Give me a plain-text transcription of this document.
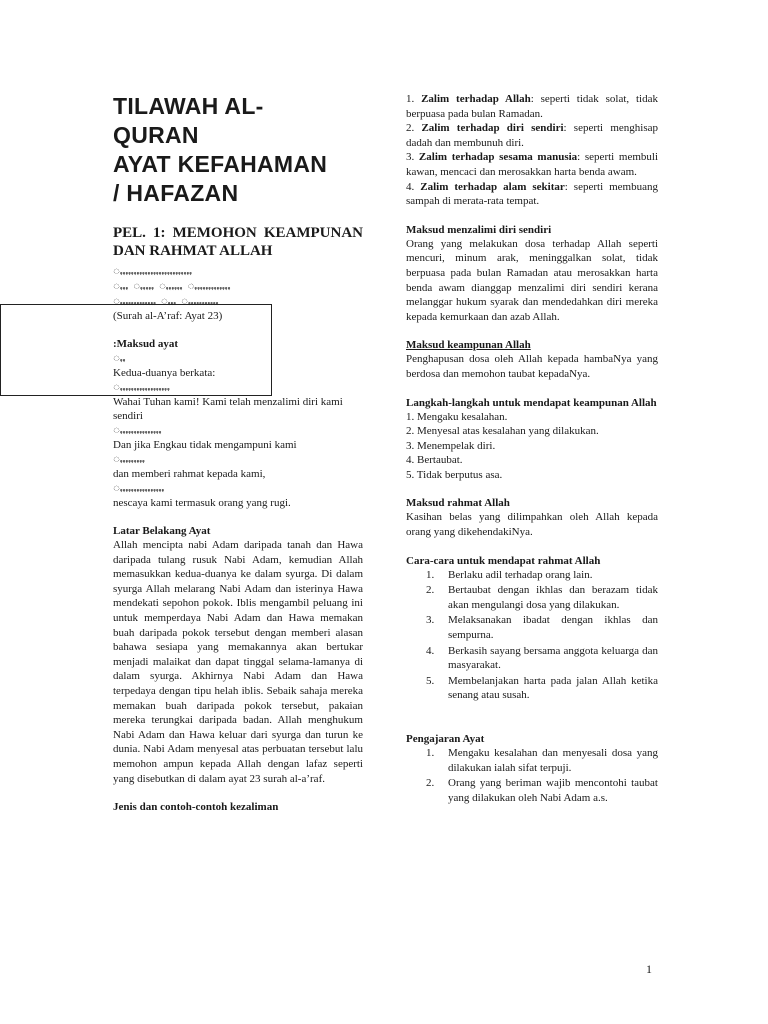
TILAWAH AL-
QURAN
AYAT KEFAHAMAN
/ HAFAZAN
PEL. 1: MEMOHON KEAMPUNAN DAN RAHMAT ALLAH
ꩻꩻꩻꩻꩻꩻꩻꩻꩻꩻꩻꩻꩻꩻꩻꩻꩻꩻꩻꩻꩻꩻꩻꩻꩻꩻ
ꩻꩻꩻ ꩻꩻꩻꩻꩻ ꩻꩻꩻꩻꩻꩻ ꩻꩻꩻꩻꩻꩻꩻꩻꩻꩻꩻꩻꩻ
ꩻꩻꩻꩻꩻꩻꩻꩻꩻꩻꩻꩻꩻ ꩻꩻꩻ ꩻꩻꩻꩻꩻꩻꩻꩻꩻꩻꩻ
(Surah al-A’raf: Ayat 23)
:Maksud ayat
ꩻꩻ
Kedua-duanya berkata:
ꩻꩻꩻꩻꩻꩻꩻꩻꩻꩻꩻꩻꩻꩻꩻꩻꩻꩻ
Wahai Tuhan kami! Kami telah menzalimi diri kami sendiri
ꩻꩻꩻꩻꩻꩻꩻꩻꩻꩻꩻꩻꩻꩻꩻ
Dan jika Engkau tidak mengampuni kami
ꩻꩻꩻꩻꩻꩻꩻꩻꩻ
dan memberi rahmat kepada kami,
ꩻꩻꩻꩻꩻꩻꩻꩻꩻꩻꩻꩻꩻꩻꩻꩻ
nescaya kami termasuk orang yang rugi.
Latar Belakang Ayat
Allah mencipta nabi Adam daripada tanah dan Hawa daripada tulang rusuk Nabi Adam, kemudian Allah memasukkan kedua-duanya ke dalam syurga. Di dalam syurga Allah melarang Nabi Adam dan isterinya Hawa mendekati sepohon pokok. Iblis mengambil peluang ini untuk memperdaya Nabi Adam dan Hawa memakan buah daripada pokok tersebut dengan memberi alasan bahawa sesiapa yang memakannya akan bertukar menjadi malaikat dan dapat tinggal selama-lamanya di dalam syurga. Akhirnya Nabi Adam dan Hawa terpedaya dengan tipu helah iblis. Sebaik sahaja mereka memakan buah daripada pokok tersebut, pakaian mereka terungkai daripada badan. Allah menghukum Nabi Adam dan Hawa keluar dari syurga dan turun ke dunia. Nabi Adam menyesal atas perbuatan tersebut lalu memohon ampun kepada Allah dengan lafaz seperti yang disebutkan di dalam ayat 23 surah al-a’raf.
Jenis dan contoh-contoh kezaliman
1. Zalim terhadap Allah: seperti tidak solat, tidak berpuasa pada bulan Ramadan.
2. Zalim terhadap diri sendiri: seperti menghisap dadah dan membunuh diri.
3. Zalim terhadap sesama manusia: seperti membuli kawan, mencaci dan merosakkan harta benda awam.
4. Zalim terhadap alam sekitar: seperti membuang sampah di merata-rata tempat.
Maksud menzalimi diri sendiri
Orang yang melakukan dosa terhadap Allah seperti mencuri, minum arak, meninggalkan solat, tidak berpuasa pada bulan Ramadan atau merosakkan harta benda awam dianggap menzalimi diri sendiri kerana melanggar hukum syarak dan mendedahkan diri mereka kepada kemurkaan dan azab Allah.
Maksud keampunan Allah
Penghapusan dosa oleh Allah kepada hambaNya yang berdosa dan memohon taubat kepadaNya.
Langkah-langkah untuk mendapat keampunan Allah
1. Mengaku kesalahan.
2. Menyesal atas kesalahan yang dilakukan.
3. Menempelak diri.
4. Bertaubat.
5. Tidak berputus asa.
Maksud rahmat Allah
Kasihan belas yang dilimpahkan oleh Allah kepada orang yang dikehendakiNya.
Cara-cara untuk mendapat rahmat Allah
1. Berlaku adil terhadap orang lain.
2. Bertaubat dengan ikhlas dan berazam tidak akan mengulangi dosa yang dilakukan.
3. Melaksanakan ibadat dengan ikhlas dan sempurna.
4. Berkasih sayang bersama anggota keluarga dan masyarakat.
5. Membelanjakan harta pada jalan Allah ketika senang atau susah.
Pengajaran Ayat
1. Mengaku kesalahan dan menyesali dosa yang dilakukan ialah sifat terpuji.
2. Orang yang beriman wajib mencontohi taubat yang dilakukan oleh Nabi Adam a.s.
1
